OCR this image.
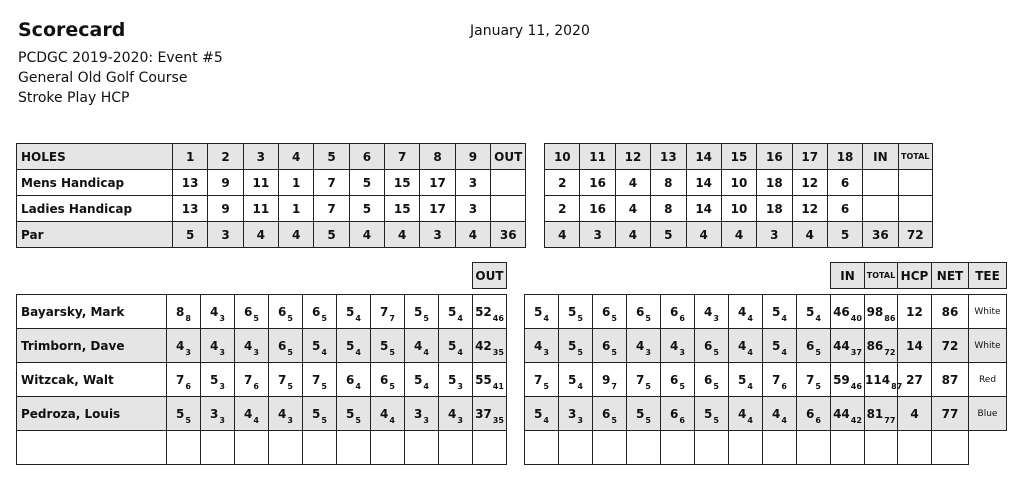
Scorecard	January 11, 2020
PCDGC 2019-2020: Event #5
General Old Golf Course
Stroke Play HCP
HOLES	1	2	3	4	5	6	7	8	9	OUT		10	11	12	13	14	15	16	17	18	IN	TOTAL
Mens Handicap	13	9	11	1	7	5	15	17	3			2	16	4	8	14	10	18	12	6		
Ladies Handicap	13	9	11	1	7	5	15	17	3			2	16	4	8	14	10	18	12	6		
Par	5	3	4	4	5	4	4	3	4	36		4	3	4	5	4	4	3	4	5	36	72
										OUT											IN	TOTAL	HCP	NET	TEE

Bayarsky, Mark	$8_8$	$4_3$	$6_5$	$6_5$	$6_5$	$5_4$	$7_7$	$5_5$	$5_4$	$52_{46}$		$5_4$	$5_5$	$6_5$	$6_5$	$6_6$	$4_3$	$4_4$	$5_4$	$5_4$	$46_{40}$	$98_{86}$	12	86	White
Trimborn, Dave	$4_3$	$4_3$	$4_3$	$6_5$	$5_4$	$5_4$	$5_5$	$4_4$	$5_4$	$42_{35}$		$4_3$	$5_5$	$6_5$	$4_3$	$4_3$	$6_5$	$4_4$	$5_4$	$6_5$	$44_{37}$	$86_{72}$	14	72	White
Witzcak, Walt	$7_6$	$5_3$	$7_6$	$7_5$	$7_5$	$6_4$	$6_5$	$5_4$	$5_3$	$55_{41}$		$7_5$	$5_4$	$9_7$	$7_5$	$6_5$	$6_5$	$5_4$	$7_6$	$7_5$	$59_{46}$	$114_{87}$	27	87	Red
Pedroza, Louis	$5_5$	$3_3$	$4_4$	$4_3$	$5_5$	$5_5$	$4_4$	$3_3$	$4_3$	$37_{35}$		$5_4$	$3_3$	$6_5$	$5_5$	$6_6$	$5_5$	$4_4$	$4_4$	$6_6$	$44_{42}$	$81_{77}$	4	77	Blue
